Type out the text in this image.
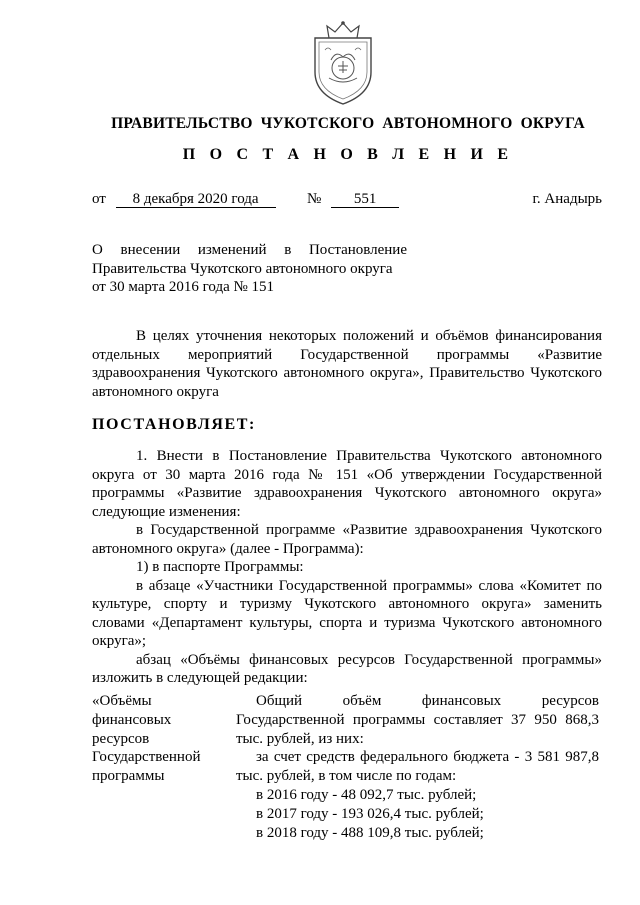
ПРАВИТЕЛЬСТВО ЧУКОТСКОГО АВТОНОМНОГО ОКРУГА
П О С Т А Н О В Л Е Н И Е
от 8 декабря 2020 года	№ 551	г. Анадырь
О внесении изменений в Постановление
Правительства Чукотского автономного округа
от 30 марта 2016 года № 151
В целях уточнения некоторых положений и объёмов финансирования
отдельных мероприятий Государственной программы «Развитие
здравоохранения Чукотского автономного округа», Правительство Чукотского
автономного округа
ПОСТАНОВЛЯЕТ:
1. Внести в Постановление Правительства Чукотского автономного
округа от 30 марта 2016 года № 151 «Об утверждении Государственной
программы «Развитие здравоохранения Чукотского автономного округа»
следующие изменения:
в Государственной программе «Развитие здравоохранения Чукотского
автономного округа» (далее - Программа):
1) в паспорте Программы:
в абзаце «Участники Государственной программы» слова «Комитет по
культуре, спорту и туризму Чукотского автономного округа» заменить
словами «Департамент культуры, спорта и туризма Чукотского автономного
округа»;
абзац «Объёмы финансовых ресурсов Государственной программы»
изложить в следующей редакции:
«Объёмы
финансовых
ресурсов
Государственной
программы
Общий объём финансовых ресурсов
Государственной программы составляет 37 950 868,3
тыс. рублей, из них:
за счет средств федерального бюджета - 3 581 987,8
тыс. рублей, в том числе по годам:
в 2016 году - 48 092,7 тыс. рублей;
в 2017 году - 193 026,4 тыс. рублей;
в 2018 году - 488 109,8 тыс. рублей;
